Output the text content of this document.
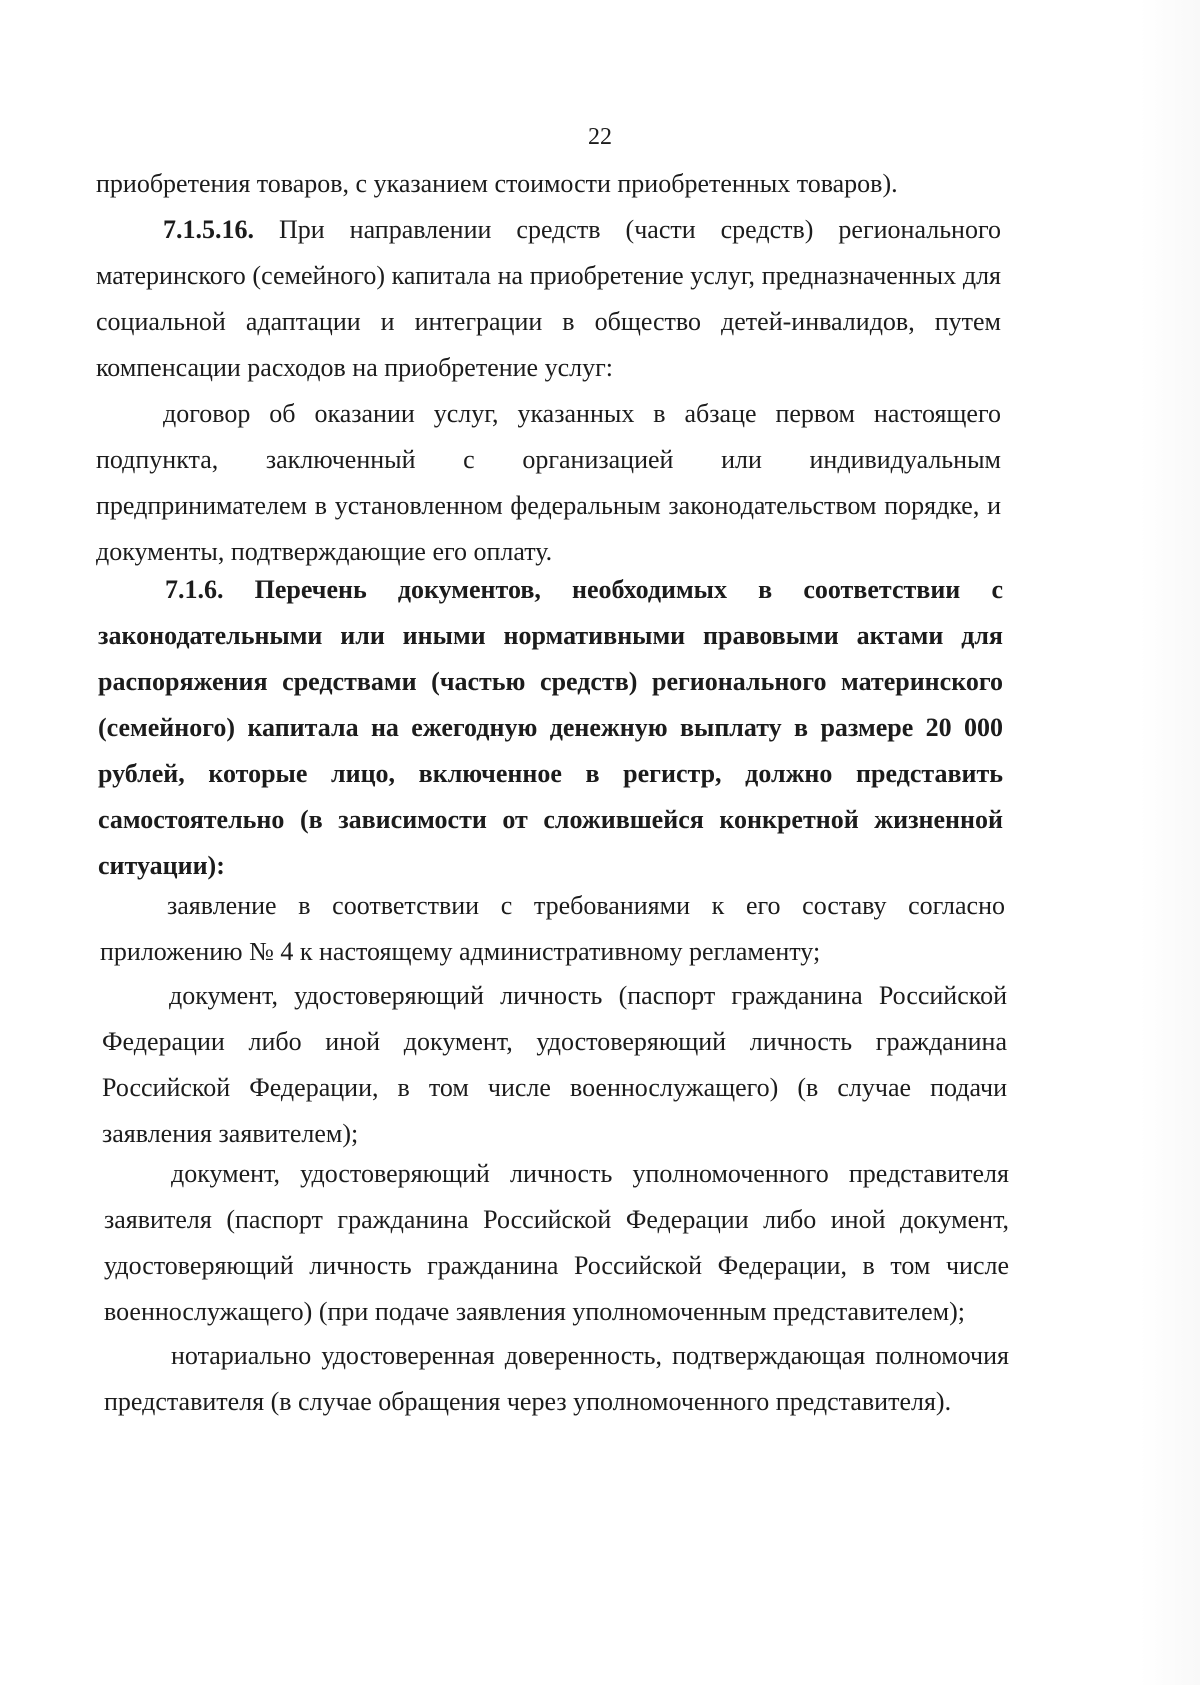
22

приобретения товаров, с указанием стоимости приобретенных товаров).

7.1.5.16. При направлении средств (части средств) регионального материнского (семейного) капитала на приобретение услуг, предназначенных для социальной адаптации и интеграции в общество детей-инвалидов, путем компенсации расходов на приобретение услуг:

договор об оказании услуг, указанных в абзаце первом настоящего подпункта, заключенный с организацией или индивидуальным предпринимателем в установленном федеральным законодательством порядке, и документы, подтверждающие его оплату.

7.1.6. Перечень документов, необходимых в соответствии с законодательными или иными нормативными правовыми актами для распоряжения средствами (частью средств) регионального материнского (семейного) капитала на ежегодную денежную выплату в размере 20 000 рублей, которые лицо, включенное в регистр, должно представить самостоятельно (в зависимости от сложившейся конкретной жизненной ситуации):

заявление в соответствии с требованиями к его составу согласно приложению № 4 к настоящему административному регламенту;

документ, удостоверяющий личность (паспорт гражданина Российской Федерации либо иной документ, удостоверяющий личность гражданина Российской Федерации, в том числе военнослужащего) (в случае подачи заявления заявителем);

документ, удостоверяющий личность уполномоченного представителя заявителя (паспорт гражданина Российской Федерации либо иной документ, удостоверяющий личность гражданина Российской Федерации, в том числе военнослужащего) (при подаче заявления уполномоченным представителем);

нотариально удостоверенная доверенность, подтверждающая полномочия представителя (в случае обращения через уполномоченного представителя).
